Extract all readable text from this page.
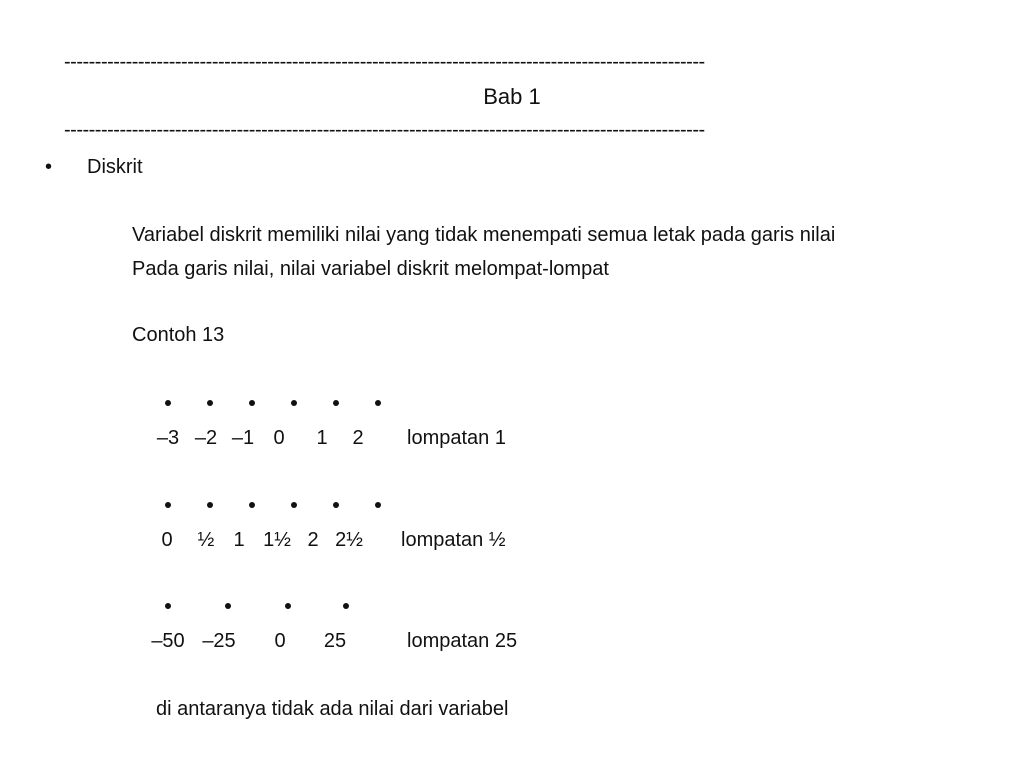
--------------------------------------------------------------------------------------------------------
Bab 1
--------------------------------------------------------------------------------------------------------
• Diskrit
Variabel diskrit memiliki nilai yang tidak menempati semua letak pada garis nilai
Pada garis nilai, nilai variabel diskrit melompat-lompat
Contoh 13
–3 –2 –1 0 1 2 lompatan 1
0 ½ 1 1½ 2 2½ lompatan ½
–50 –25 0 25	lompatan 25
di antaranya tidak ada nilai dari variabel
